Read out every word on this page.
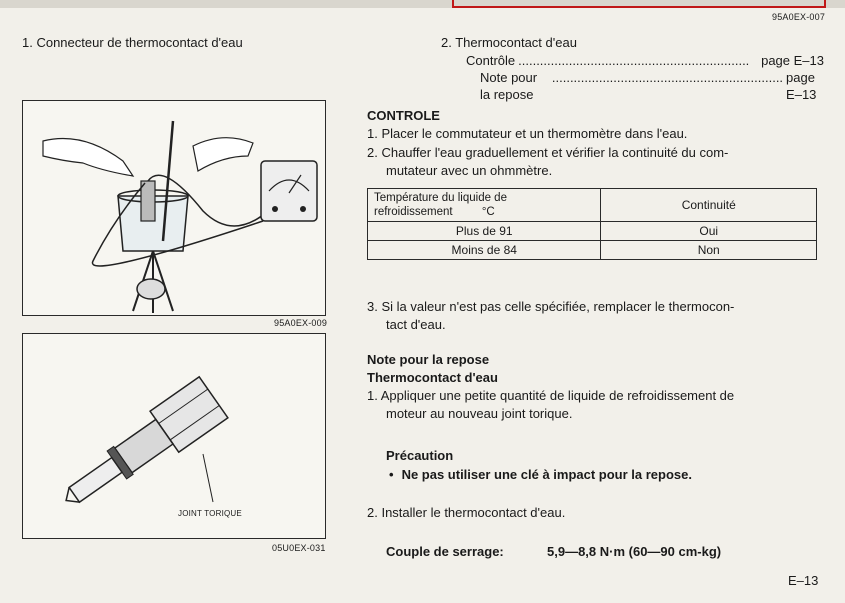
95A0EX-007
1. Connecteur de thermocontact d'eau
95A0EX-009
JOINT TORIQUE
05U0EX-031
2. Thermocontact d'eau
Contrôle ................................................................ page E–13
Note pour la repose
................................................................ page E–13
CONTROLE
1. Placer le commutateur et un thermomètre dans l'eau.
2. Chauffer l'eau graduellement et vérifier la continuité du com-
mutateur avec un ohmmètre.
Température du liquide de
refroidissement °C	Continuité
Plus de 91	Oui
Moins de 84	Non
3. Si la valeur n'est pas celle spécifiée, remplacer le thermocon-
tact d'eau.
Note pour la repose
Thermocontact d'eau
1. Appliquer une petite quantité de liquide de refroidissement de
moteur au nouveau joint torique.
Précaution
• Ne pas utiliser une clé à impact pour la repose.
2. Installer le thermocontact d'eau.
Couple de serrage:	5,9—8,8 N·m (60—90 cm-kg)
E–13
